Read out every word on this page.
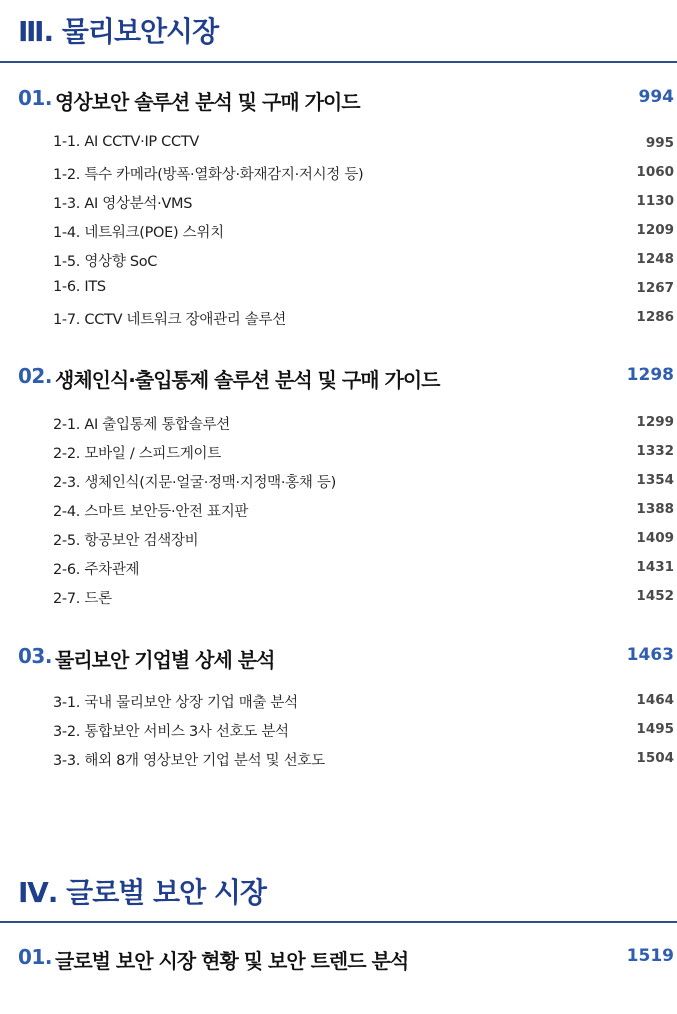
Ⅲ. 물리보안시장
01. 영상보안 솔루션 분석 및 구매 가이드	994
1-1. AI CCTV·IP CCTV	995
1-2. 특수 카메라(방폭·열화상·화재감지·저시정 등)	1060
1-3. AI 영상분석·VMS	1130
1-4. 네트워크(POE) 스위치	1209
1-5. 영상향 SoC	1248
1-6. ITS	1267
1-7. CCTV 네트워크 장애관리 솔루션	1286
02. 생체인식·출입통제 솔루션 분석 및 구매 가이드	1298
2-1. AI 출입통제 통합솔루션	1299
2-2. 모바일 / 스피드게이트	1332
2-3. 생체인식(지문·얼굴·정맥·지정맥·홍채 등)	1354
2-4. 스마트 보안등·안전 표지판	1388
2-5. 항공보안 검색장비	1409
2-6. 주차관제	1431
2-7. 드론	1452
03. 물리보안 기업별 상세 분석	1463
3-1. 국내 물리보안 상장 기업 매출 분석	1464
3-2. 통합보안 서비스 3사 선호도 분석	1495
3-3. 해외 8개 영상보안 기업 분석 및 선호도	1504
Ⅳ. 글로벌 보안 시장
01. 글로벌 보안 시장 현황 및 보안 트렌드 분석	1519
